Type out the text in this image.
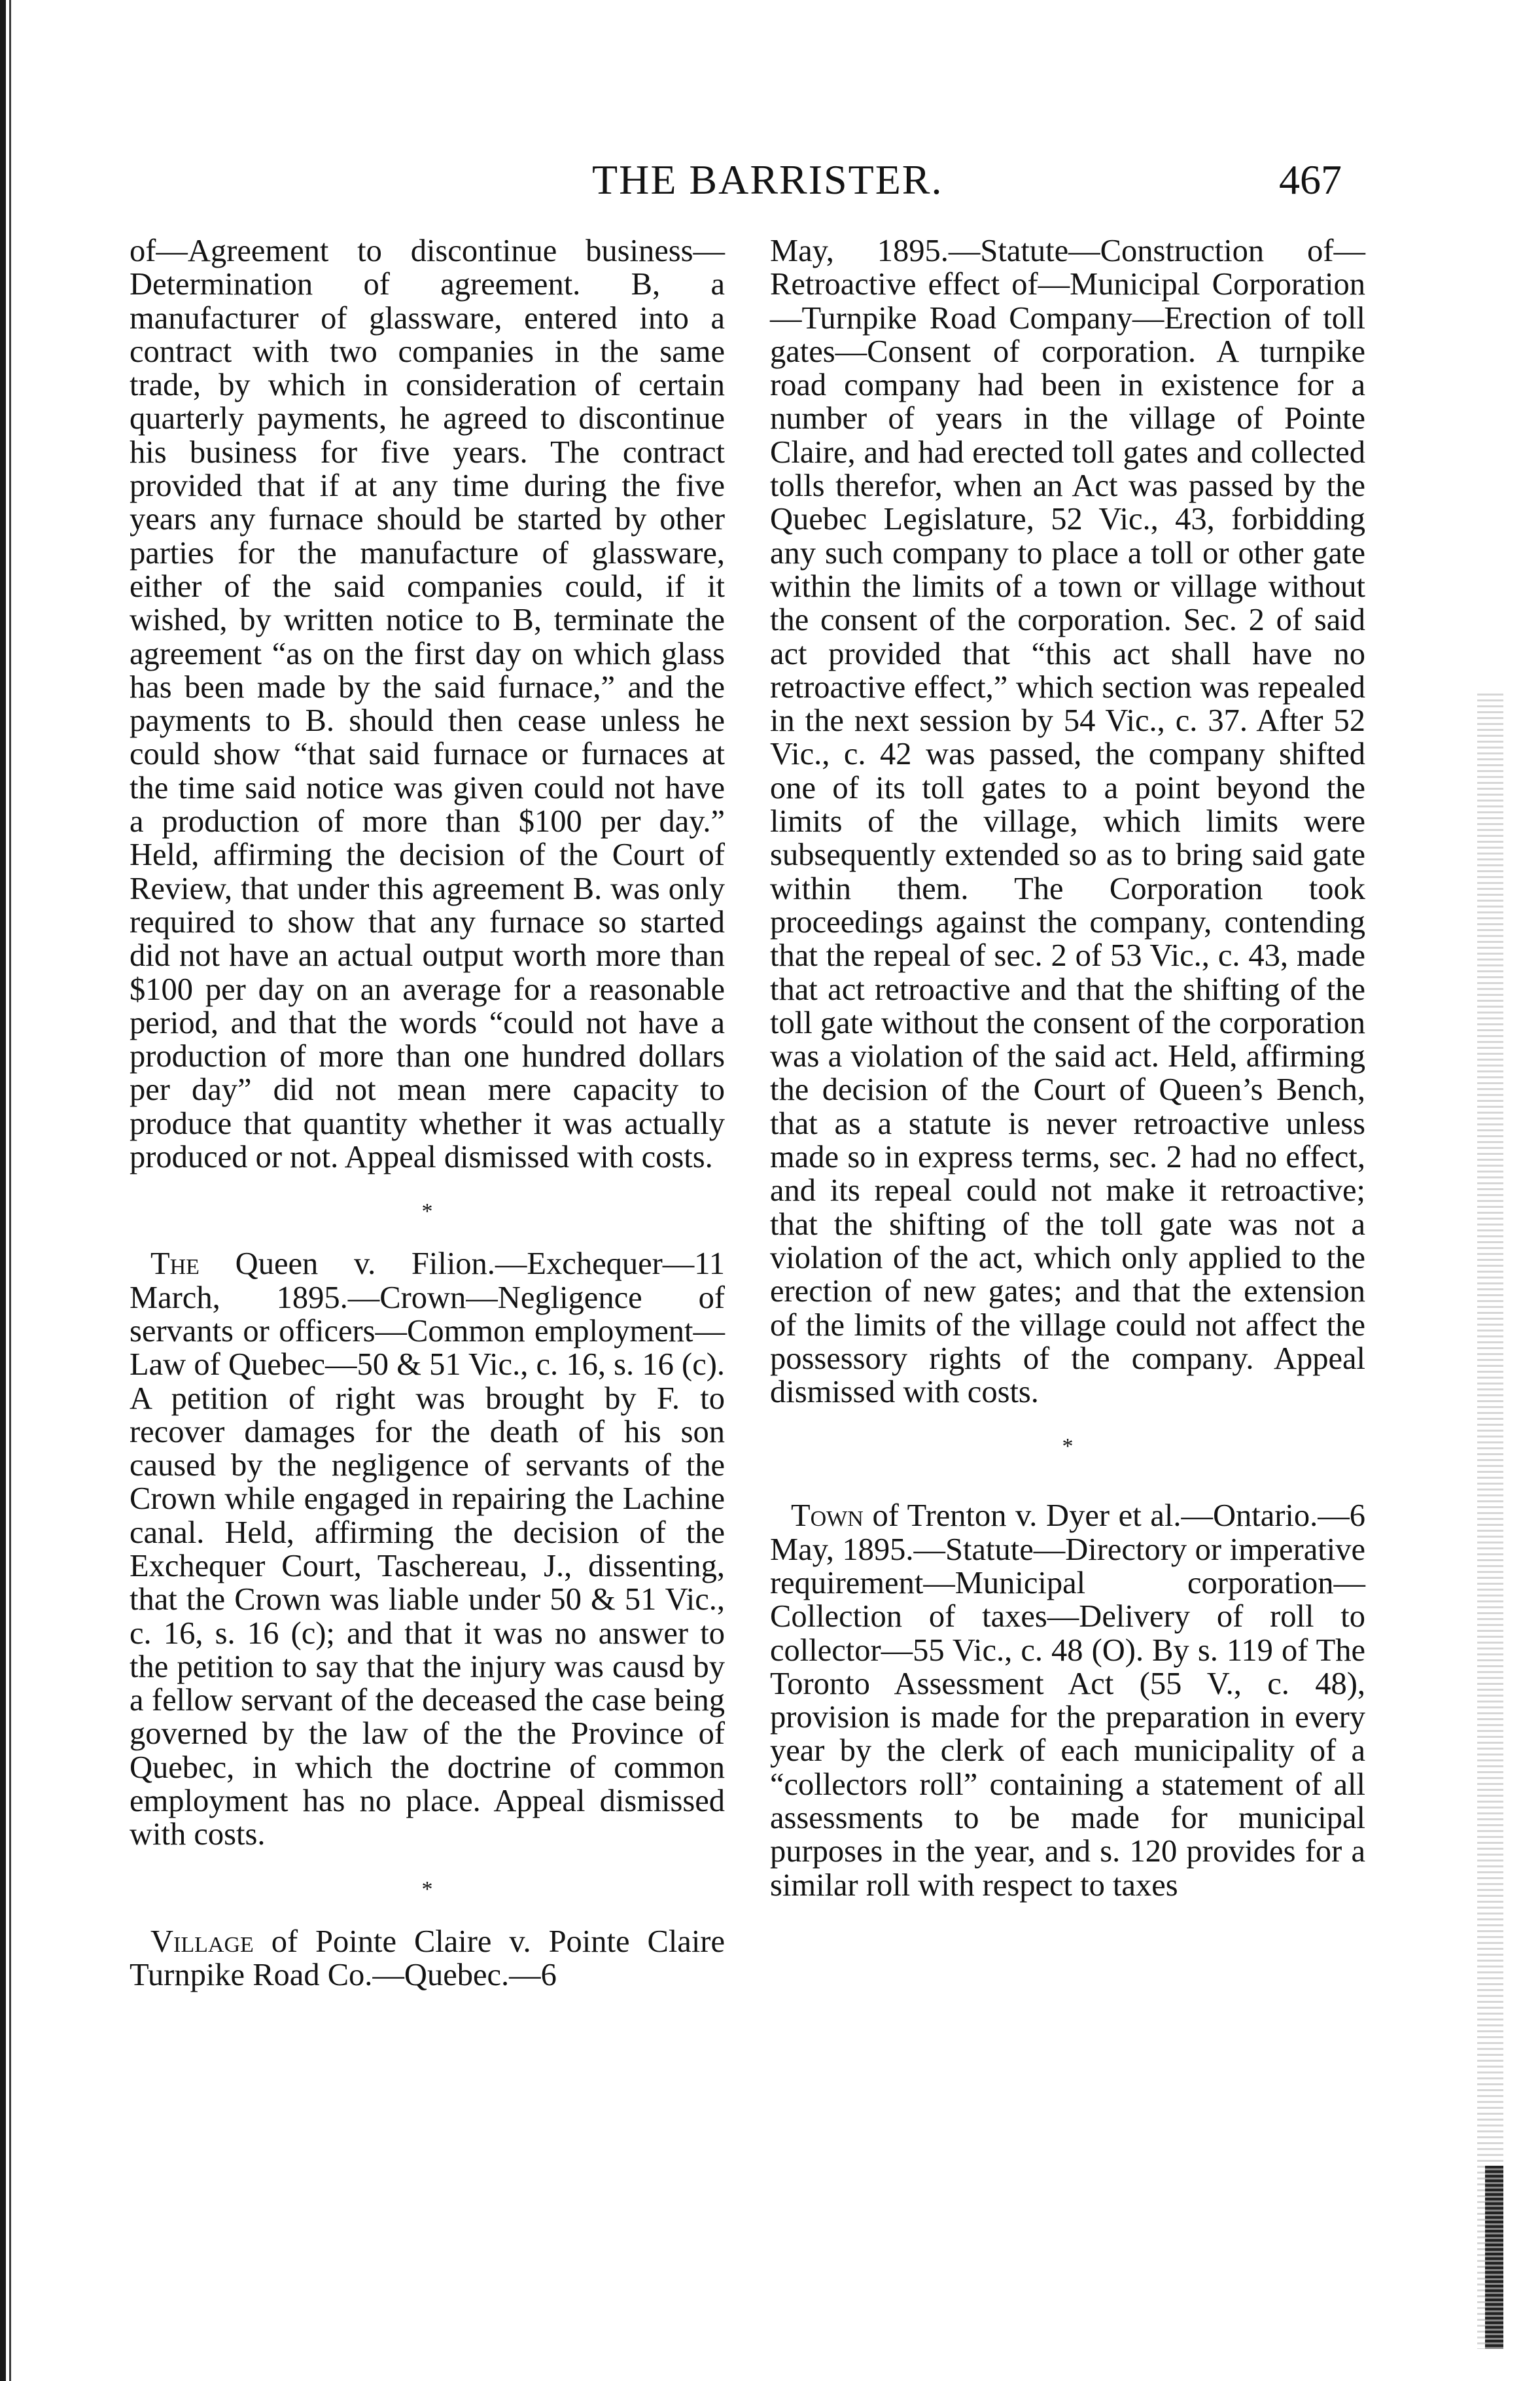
THE BARRISTER.	467

of—Agreement to discontinue business—Determination of agreement. B, a manufacturer of glassware, entered into a contract with two companies in the same trade, by which in consideration of certain quarterly payments, he agreed to discontinue his business for five years. The contract provided that if at any time during the five years any furnace should be started by other parties for the manufacture of glassware, either of the said companies could, if it wished, by written notice to B, terminate the agreement “as on the first day on which glass has been made by the said furnace,” and the payments to B. should then cease unless he could show “that said furnace or furnaces at the time said notice was given could not have a production of more than $100 per day.” Held, affirming the decision of the Court of Review, that under this agreement B. was only required to show that any furnace so started did not have an actual output worth more than $100 per day on an average for a reasonable period, and that the words “could not have a production of more than one hundred dollars per day” did not mean mere capacity to produce that quantity whether it was actually produced or not. Appeal dismissed with costs.

*

The Queen v. Filion.—Exchequer—11 March, 1895.—Crown—Negligence of servants or officers—Common employment—Law of Quebec—50 & 51 Vic., c. 16, s. 16 (c). A petition of right was brought by F. to recover damages for the death of his son caused by the negligence of servants of the Crown while engaged in repairing the Lachine canal. Held, affirming the decision of the Exchequer Court, Taschereau, J., dissenting, that the Crown was liable under 50 & 51 Vic., c. 16, s. 16 (c); and that it was no answer to the petition to say that the injury was causd by a fellow servant of the deceased the case being governed by the law of the the Province of Quebec, in which the doctrine of common employment has no place. Appeal dismissed with costs.

*

Village of Pointe Claire v. Pointe Claire Turnpike Road Co.—Quebec.—6

May, 1895.—Statute—Construction of—Retroactive effect of—Municipal Corporation—Turnpike Road Company—Erection of toll gates—Consent of corporation. A turnpike road company had been in existence for a number of years in the village of Pointe Claire, and had erected toll gates and collected tolls therefor, when an Act was passed by the Quebec Legislature, 52 Vic., 43, forbidding any such company to place a toll or other gate within the limits of a town or village without the consent of the corporation. Sec. 2 of said act provided that “this act shall have no retroactive effect,” which section was repealed in the next session by 54 Vic., c. 37. After 52 Vic., c. 42 was passed, the company shifted one of its toll gates to a point beyond the limits of the village, which limits were subsequently extended so as to bring said gate within them. The Corporation took proceedings against the company, contending that the repeal of sec. 2 of 53 Vic., c. 43, made that act retroactive and that the shifting of the toll gate without the consent of the corporation was a violation of the said act. Held, affirming the decision of the Court of Queen’s Bench, that as a statute is never retroactive unless made so in express terms, sec. 2 had no effect, and its repeal could not make it retroactive; that the shifting of the toll gate was not a violation of the act, which only applied to the erection of new gates; and that the extension of the limits of the village could not affect the possessory rights of the company. Appeal dismissed with costs.

*

Town of Trenton v. Dyer et al.—Ontario.—6 May, 1895.—Statute—Directory or imperative requirement—Municipal corporation—Collection of taxes—Delivery of roll to collector—55 Vic., c. 48 (O). By s. 119 of The Toronto Assessment Act (55 V., c. 48), provision is made for the preparation in every year by the clerk of each municipality of a “collectors roll” containing a statement of all assessments to be made for municipal purposes in the year, and s. 120 provides for a similar roll with respect to taxes
